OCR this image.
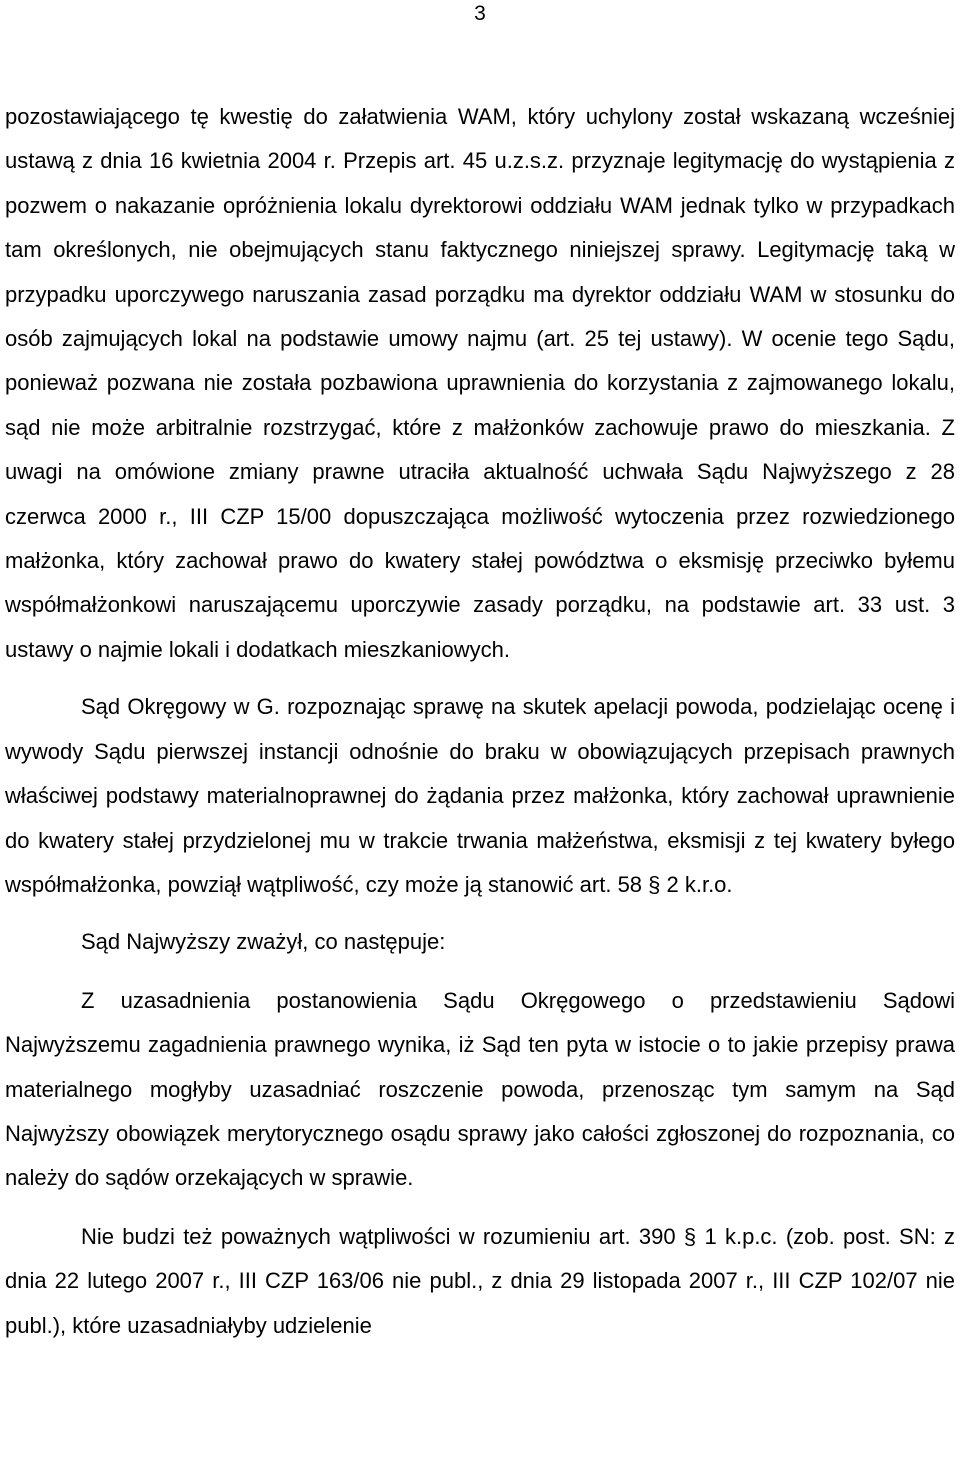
3

pozostawiającego tę kwestię do załatwienia WAM, który uchylony został wskazaną wcześniej ustawą z dnia 16 kwietnia 2004 r. Przepis art. 45 u.z.s.z. przyznaje legitymację do wystąpienia z pozwem o nakazanie opróżnienia lokalu dyrektorowi oddziału WAM jednak tylko w przypadkach tam określonych, nie obejmujących stanu faktycznego niniejszej sprawy. Legitymację taką w przypadku uporczywego naruszania zasad porządku ma dyrektor oddziału WAM w stosunku do osób zajmujących lokal na podstawie umowy najmu (art. 25 tej ustawy). W ocenie tego Sądu, ponieważ pozwana nie została pozbawiona uprawnienia do korzystania z zajmowanego lokalu, sąd nie może arbitralnie rozstrzygać, które z małżonków zachowuje prawo do mieszkania. Z uwagi na omówione zmiany prawne utraciła aktualność uchwała Sądu Najwyższego z 28 czerwca 2000 r., III CZP 15/00 dopuszczająca możliwość wytoczenia przez rozwiedzionego małżonka, który zachował prawo do kwatery stałej powództwa o eksmisję przeciwko byłemu współmałżonkowi naruszającemu uporczywie zasady porządku, na podstawie art. 33 ust. 3 ustawy o najmie lokali i dodatkach mieszkaniowych.

Sąd Okręgowy w G. rozpoznając sprawę na skutek apelacji powoda, podzielając ocenę i wywody Sądu pierwszej instancji odnośnie do braku w obowiązujących przepisach prawnych właściwej podstawy materialnoprawnej do żądania przez małżonka, który zachował uprawnienie do kwatery stałej przydzielonej mu w trakcie trwania małżeństwa, eksmisji z tej kwatery byłego współmałżonka, powziął wątpliwość, czy może ją stanowić art. 58 § 2 k.r.o.

Sąd Najwyższy zważył, co następuje:

Z uzasadnienia postanowienia Sądu Okręgowego o przedstawieniu Sądowi Najwyższemu zagadnienia prawnego wynika, iż Sąd ten pyta w istocie o to jakie przepisy prawa materialnego mogłyby uzasadniać roszczenie powoda, przenosząc tym samym na Sąd Najwyższy obowiązek merytorycznego osądu sprawy jako całości zgłoszonej do rozpoznania, co należy do sądów orzekających w sprawie.

Nie budzi też poważnych wątpliwości w rozumieniu art. 390 § 1 k.p.c. (zob. post. SN: z dnia 22 lutego 2007 r., III CZP 163/06 nie publ., z dnia 29 listopada 2007 r., III CZP 102/07 nie publ.), które uzasadniałyby udzielenie
